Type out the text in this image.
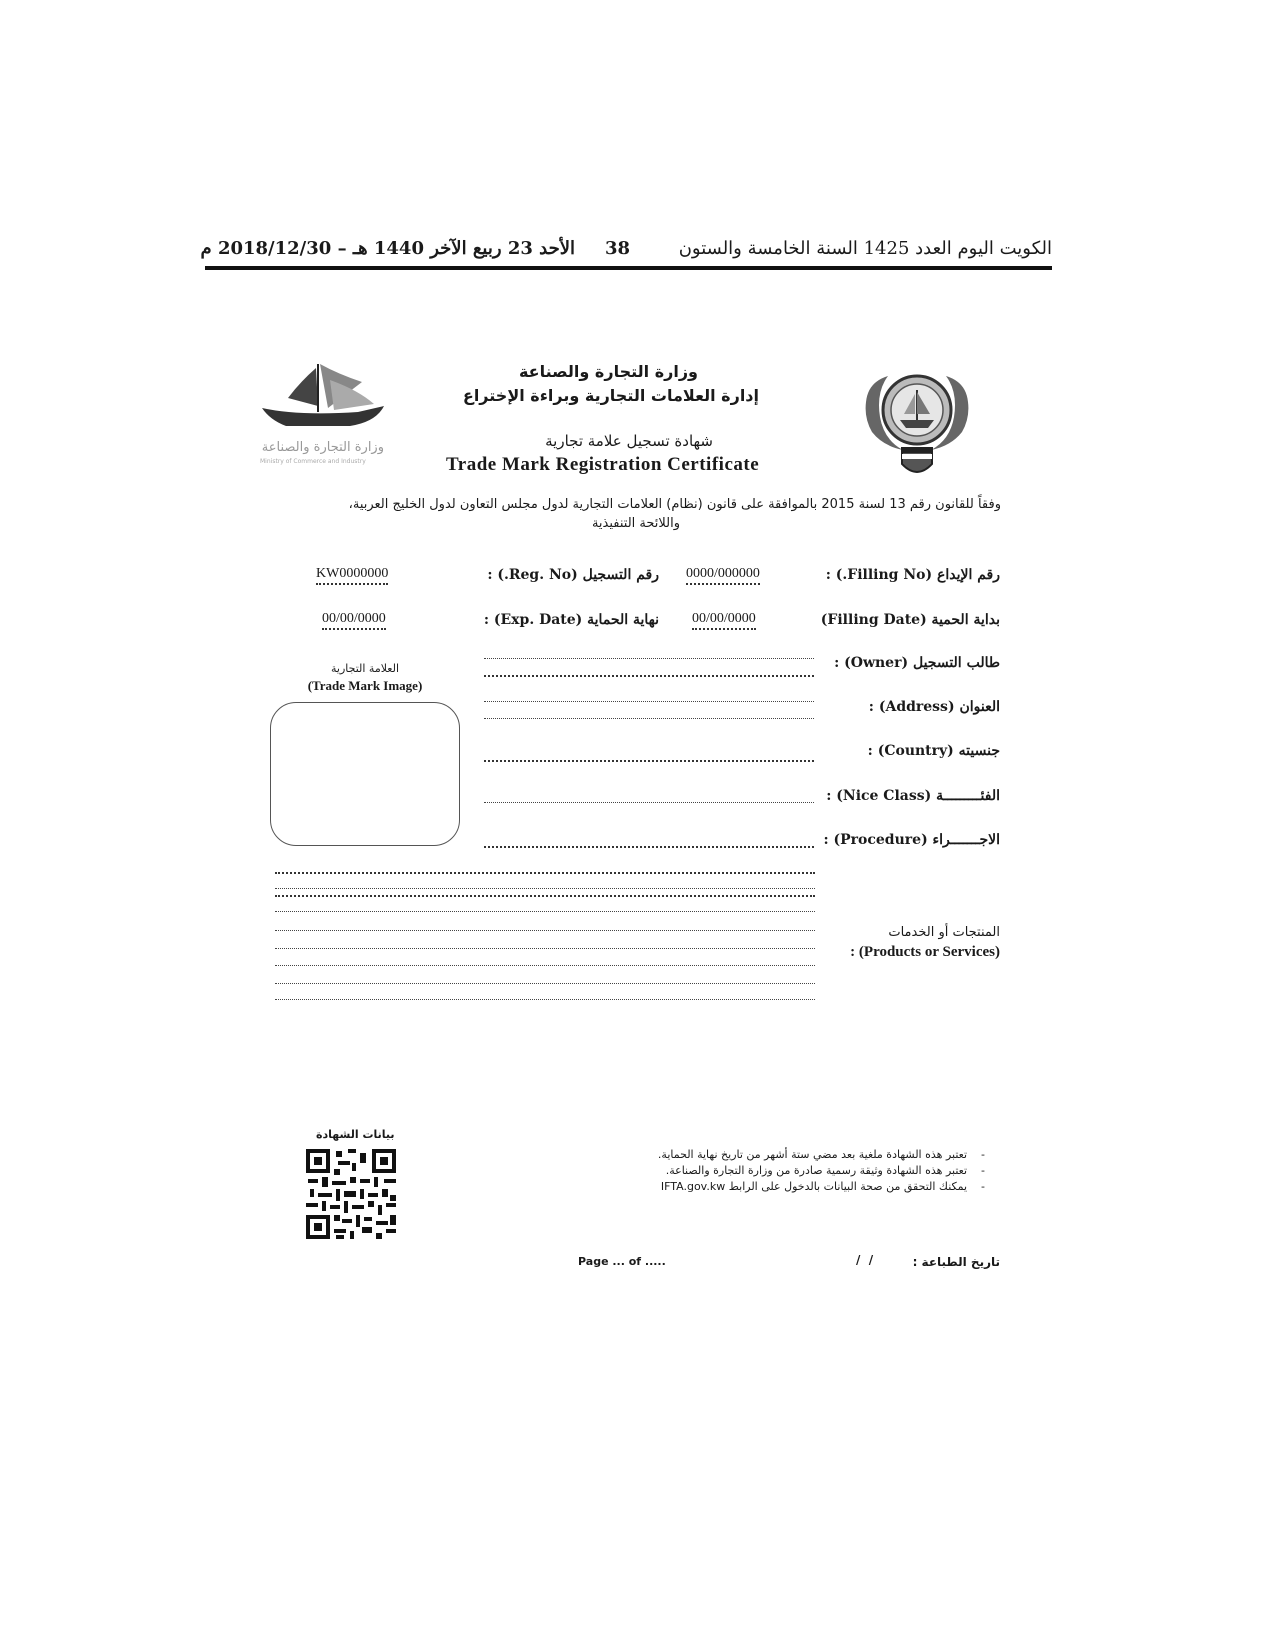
الكويت اليوم العدد 1425 السنة الخامسة والستون
38
الأحد 23 ربيع الآخر 1440 هـ – 2018/12/30 م
وزارة التجارة والصناعة
Ministry of Commerce and Industry
وزارة التجارة والصناعة
إدارة العلامات التجارية وبراءة الإختراع
شهادة تسجيل علامة تجارية
Trade Mark Registration Certificate
وفقاً للقانون رقم 13 لسنة 2015 بالموافقة على قانون (نظام) العلامات التجارية لدول مجلس التعاون لدول الخليج العربية،
واللائحة التنفيذية
رقم الإيداع (Filling No.) :
0000/000000
رقم التسجيل (Reg. No.) :
KW0000000
بداية الحمية (Filling Date)
00/00/0000
نهاية الحماية (Exp. Date) :
00/00/0000
طالب التسجيل (Owner) :
العنوان (Address) :
جنسيته (Country) :
الفئـــــــــة (Nice Class) :
الاجـــــــراء (Procedure) :
العلامة التجارية
(Trade Mark Image)
المنتجات أو الخدمات
: (Products or Services)
بيانات الشهادة
-    تعتبر هذه الشهادة ملغية بعد مضي ستة أشهر من تاريخ نهاية الحماية.
-    تعتبر هذه الشهادة وثيقة رسمية صادرة من وزارة التجارة والصناعة.
-    يمكنك التحقق من صحة البيانات بالدخول على الرابط IFTA.gov.kw
تاريخ الطباعة :
/  /
Page ... of .....
